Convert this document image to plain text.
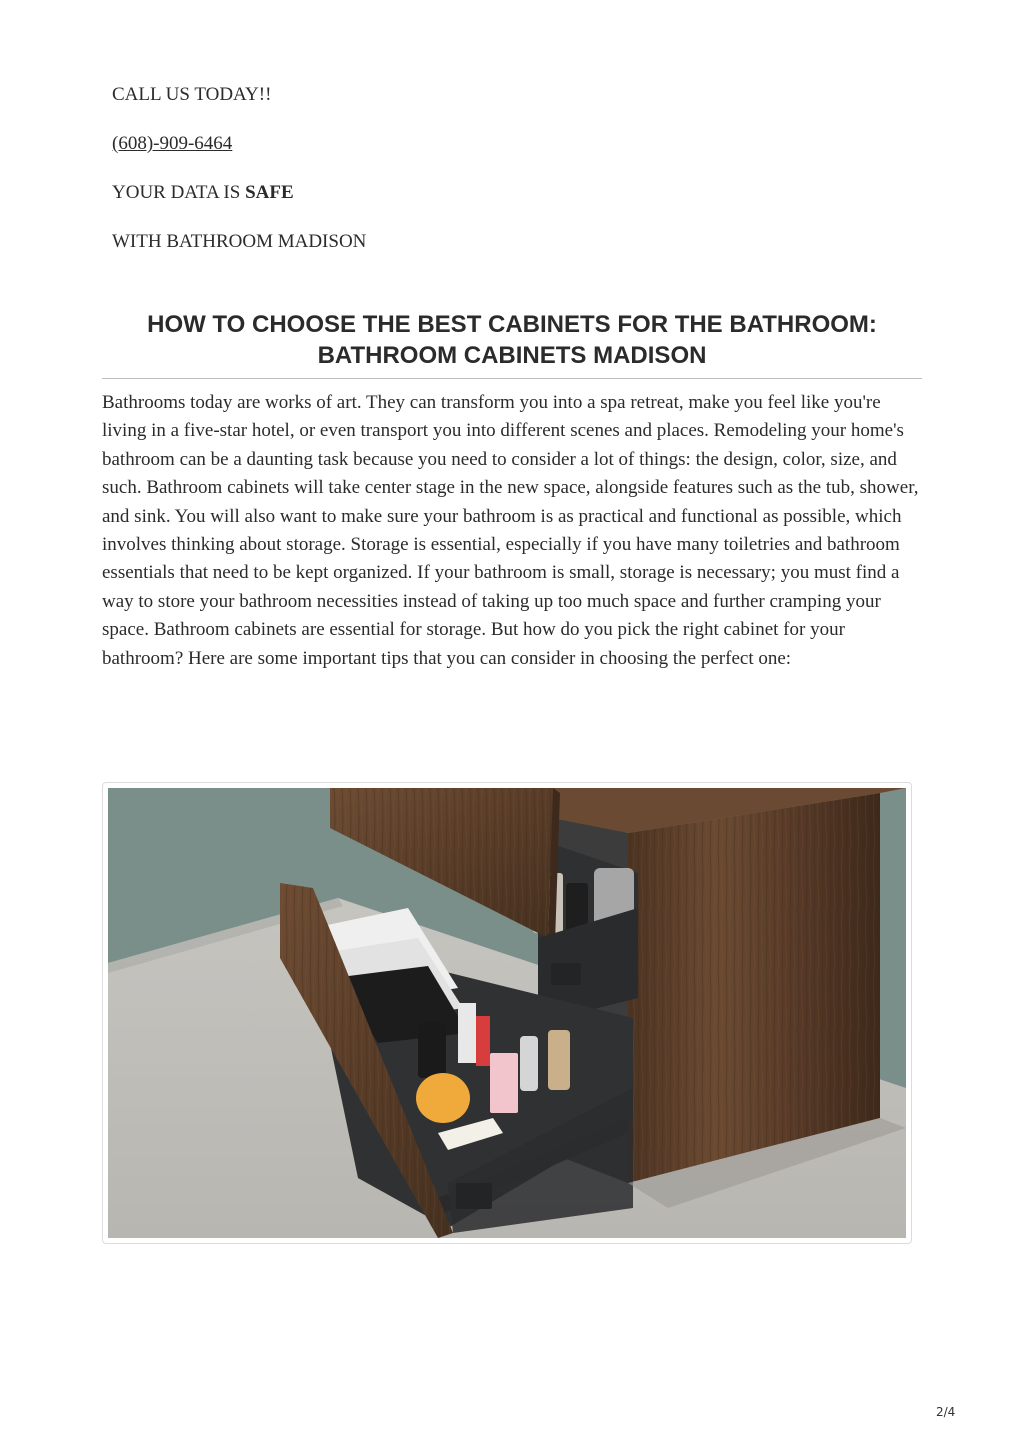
CALL US TODAY!!

(608)-909-6464

YOUR DATA IS SAFE

WITH BATHROOM MADISON

HOW TO CHOOSE THE BEST CABINETS FOR THE BATHROOM: BATHROOM CABINETS MADISON

Bathrooms today are works of art. They can transform you into a spa retreat, make you feel like you're living in a five-star hotel, or even transport you into different scenes and places. Remodeling your home's bathroom can be a daunting task because you need to consider a lot of things: the design, color, size, and such. Bathroom cabinets will take center stage in the new space, alongside features such as the tub, shower, and sink. You will also want to make sure your bathroom is as practical and functional as possible, which involves thinking about storage. Storage is essential, especially if you have many toiletries and bathroom essentials that need to be kept organized. If your bathroom is small, storage is necessary; you must find a way to store your bathroom necessities instead of taking up too much space and further cramping your space. Bathroom cabinets are essential for storage. But how do you pick the right cabinet for your bathroom? Here are some important tips that you can consider in choosing the perfect one:

2/4
